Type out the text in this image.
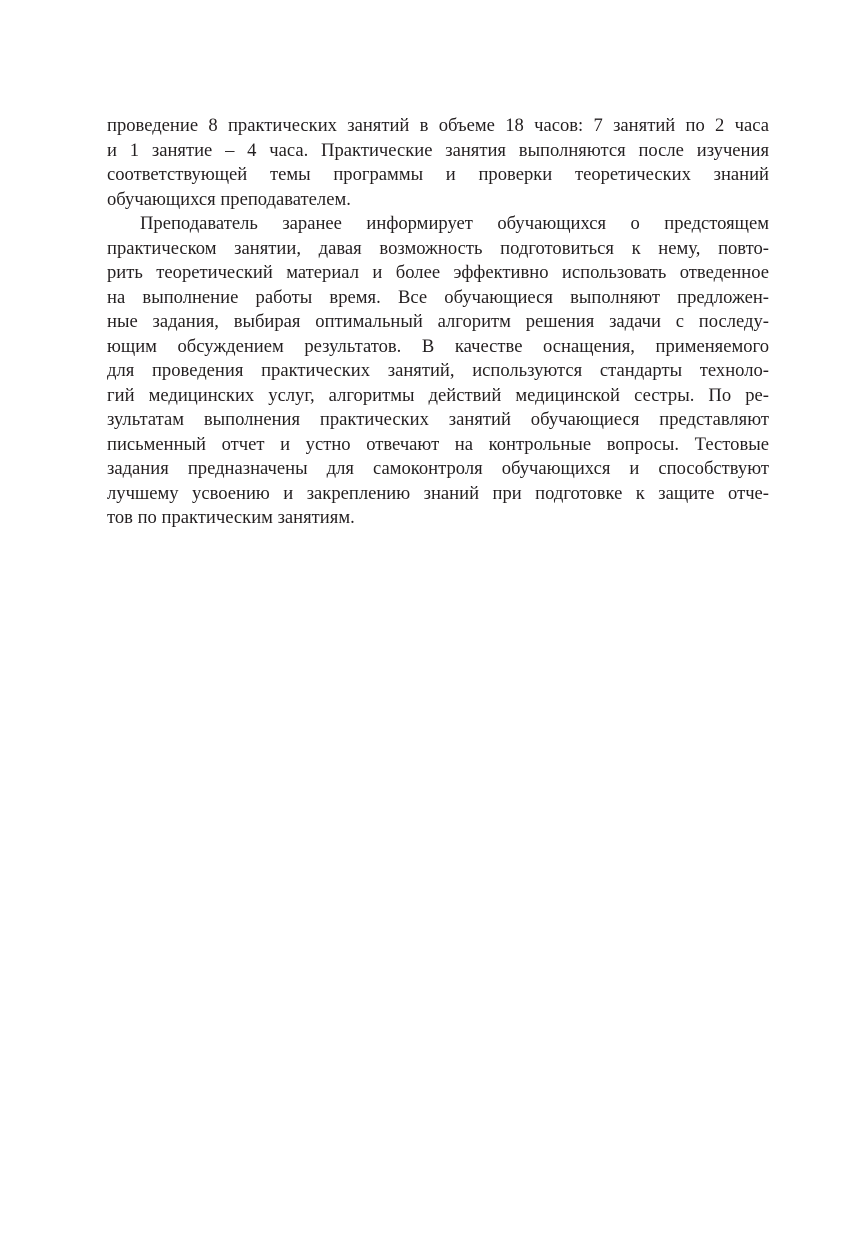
проведение 8 практических занятий в объеме 18 часов: 7 занятий по 2 часа
и 1 занятие – 4 часа. Практические занятия выполняются после изучения
соответствующей темы программы и проверки теоретических знаний
обучающихся преподавателем.
Преподаватель заранее информирует обучающихся о предстоящем
практическом занятии, давая возможность подготовиться к нему, повто-
рить теоретический материал и более эффективно использовать отведенное
на выполнение работы время. Все обучающиеся выполняют предложен-
ные задания, выбирая оптимальный алгоритм решения задачи с последу-
ющим обсуждением результатов. В качестве оснащения, применяемого
для проведения практических занятий, используются стандарты техноло-
гий медицинских услуг, алгоритмы действий медицинской сестры. По ре-
зультатам выполнения практических занятий обучающиеся представляют
письменный отчет и устно отвечают на контрольные вопросы. Тестовые
задания предназначены для самоконтроля обучающихся и способствуют
лучшему усвоению и закреплению знаний при подготовке к защите отче-
тов по практическим занятиям.
